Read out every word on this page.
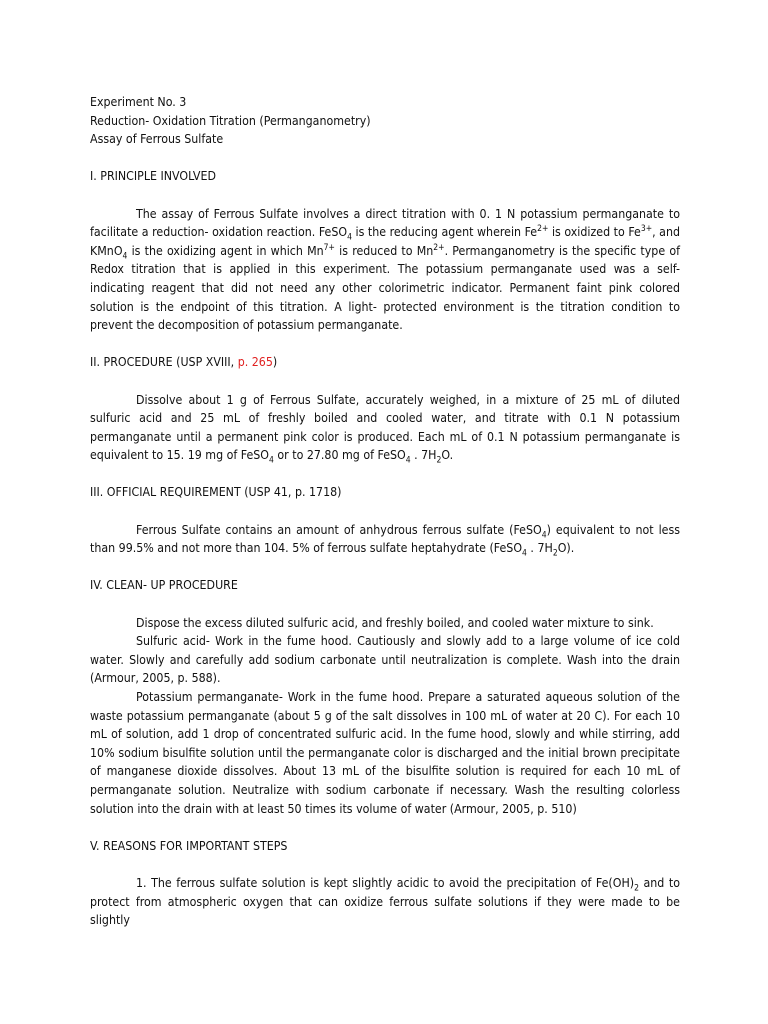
Experiment No. 3

Reduction- Oxidation Titration (Permanganometry)

Assay of Ferrous Sulfate

I. PRINCIPLE INVOLVED

The assay of Ferrous Sulfate involves a direct titration with 0. 1 N potassium permanganate to facilitate a reduction- oxidation reaction. FeSO$_4$ is the reducing agent wherein $Fe^{2+}$ is oxidized to $Fe^{3+}$, and KMnO$_4$ is the oxidizing agent in which $Mn^{7+}$ is reduced to $Mn^{2+}$. Permanganometry is the specific type of Redox titration that is applied in this experiment. The potassium permanganate used was a self- indicating reagent that did not need any other colorimetric indicator. Permanent faint pink colored solution is the endpoint of this titration. A light- protected environment is the titration condition to prevent the decomposition of potassium permanganate.

II. PROCEDURE (USP XVIII, p. 265)

Dissolve about 1 g of Ferrous Sulfate, accurately weighed, in a mixture of 25 mL of diluted sulfuric acid and 25 mL of freshly boiled and cooled water, and titrate with 0.1 N potassium permanganate until a permanent pink color is produced. Each mL of 0.1 N potassium permanganate is equivalent to 15. 19 mg of FeSO$_4$ or to 27.80 mg of FeSO$_4$ . $7H_2O$.

III. OFFICIAL REQUIREMENT (USP 41, p. 1718)

Ferrous Sulfate contains an amount of anhydrous ferrous sulfate (FeSO$_4$) equivalent to not less than 99.5% and not more than 104. 5% of ferrous sulfate heptahydrate (FeSO$_4$ . $7H_2O$).

IV. CLEAN- UP PROCEDURE

Dispose the excess diluted sulfuric acid, and freshly boiled, and cooled water mixture to sink.

Sulfuric acid- Work in the fume hood. Cautiously and slowly add to a large volume of ice cold water. Slowly and carefully add sodium carbonate until neutralization is complete. Wash into the drain (Armour, 2005, p. 588).

Potassium permanganate- Work in the fume hood. Prepare a saturated aqueous solution of the waste potassium permanganate (about 5 g of the salt dissolves in 100 mL of water at 20 C). For each 10 mL of solution, add 1 drop of concentrated sulfuric acid. In the fume hood, slowly and while stirring, add 10% sodium bisulfite solution until the permanganate color is discharged and the initial brown precipitate of manganese dioxide dissolves. About 13 mL of the bisulfite solution is required for each 10 mL of permanganate solution. Neutralize with sodium carbonate if necessary. Wash the resulting colorless solution into the drain with at least 50 times its volume of water (Armour, 2005, p. 510)

V. REASONS FOR IMPORTANT STEPS

1. The ferrous sulfate solution is kept slightly acidic to avoid the precipitation of $Fe(OH)_2$ and to protect from atmospheric oxygen that can oxidize ferrous sulfate solutions if they were made to be slightly
